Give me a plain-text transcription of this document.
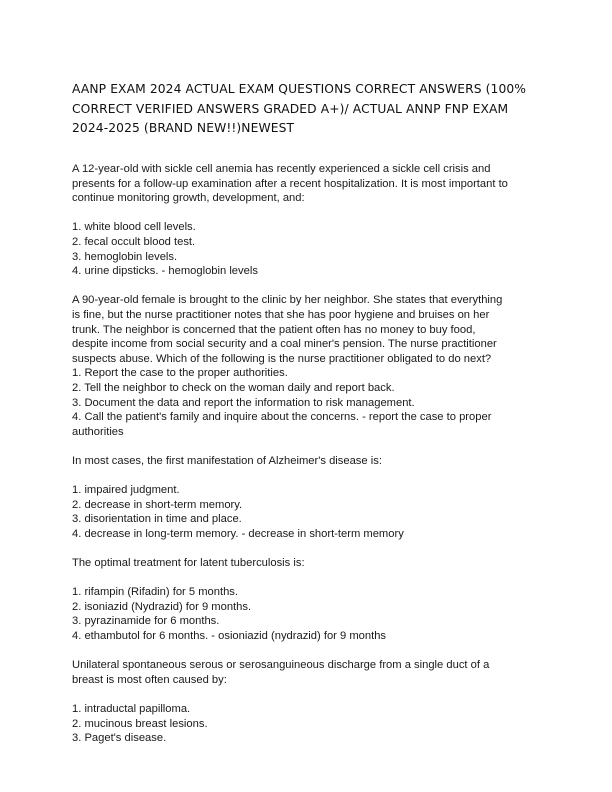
AANP EXAM 2024 ACTUAL EXAM QUESTIONS CORRECT ANSWERS (100%
CORRECT VERIFIED ANSWERS GRADED A+)/ ACTUAL ANNP FNP EXAM
2024-2025 (BRAND NEW!!)NEWEST
A 12-year-old with sickle cell anemia has recently experienced a sickle cell crisis and
presents for a follow-up examination after a recent hospitalization. It is most important to
continue monitoring growth, development, and:
1. white blood cell levels.
2. fecal occult blood test.
3. hemoglobin levels.
4. urine dipsticks. - hemoglobin levels
A 90-year-old female is brought to the clinic by her neighbor. She states that everything
is fine, but the nurse practitioner notes that she has poor hygiene and bruises on her
trunk. The neighbor is concerned that the patient often has no money to buy food,
despite income from social security and a coal miner's pension. The nurse practitioner
suspects abuse. Which of the following is the nurse practitioner obligated to do next?
1. Report the case to the proper authorities.
2. Tell the neighbor to check on the woman daily and report back.
3. Document the data and report the information to risk management.
4. Call the patient's family and inquire about the concerns. - report the case to proper
authorities
In most cases, the first manifestation of Alzheimer's disease is:
1. impaired judgment.
2. decrease in short-term memory.
3. disorientation in time and place.
4. decrease in long-term memory. - decrease in short-term memory
The optimal treatment for latent tuberculosis is:
1. rifampin (Rifadin) for 5 months.
2. isoniazid (Nydrazid) for 9 months.
3. pyrazinamide for 6 months.
4. ethambutol for 6 months. - osioniazid (nydrazid) for 9 months
Unilateral spontaneous serous or serosanguineous discharge from a single duct of a
breast is most often caused by:
1. intraductal papilloma.
2. mucinous breast lesions.
3. Paget's disease.
